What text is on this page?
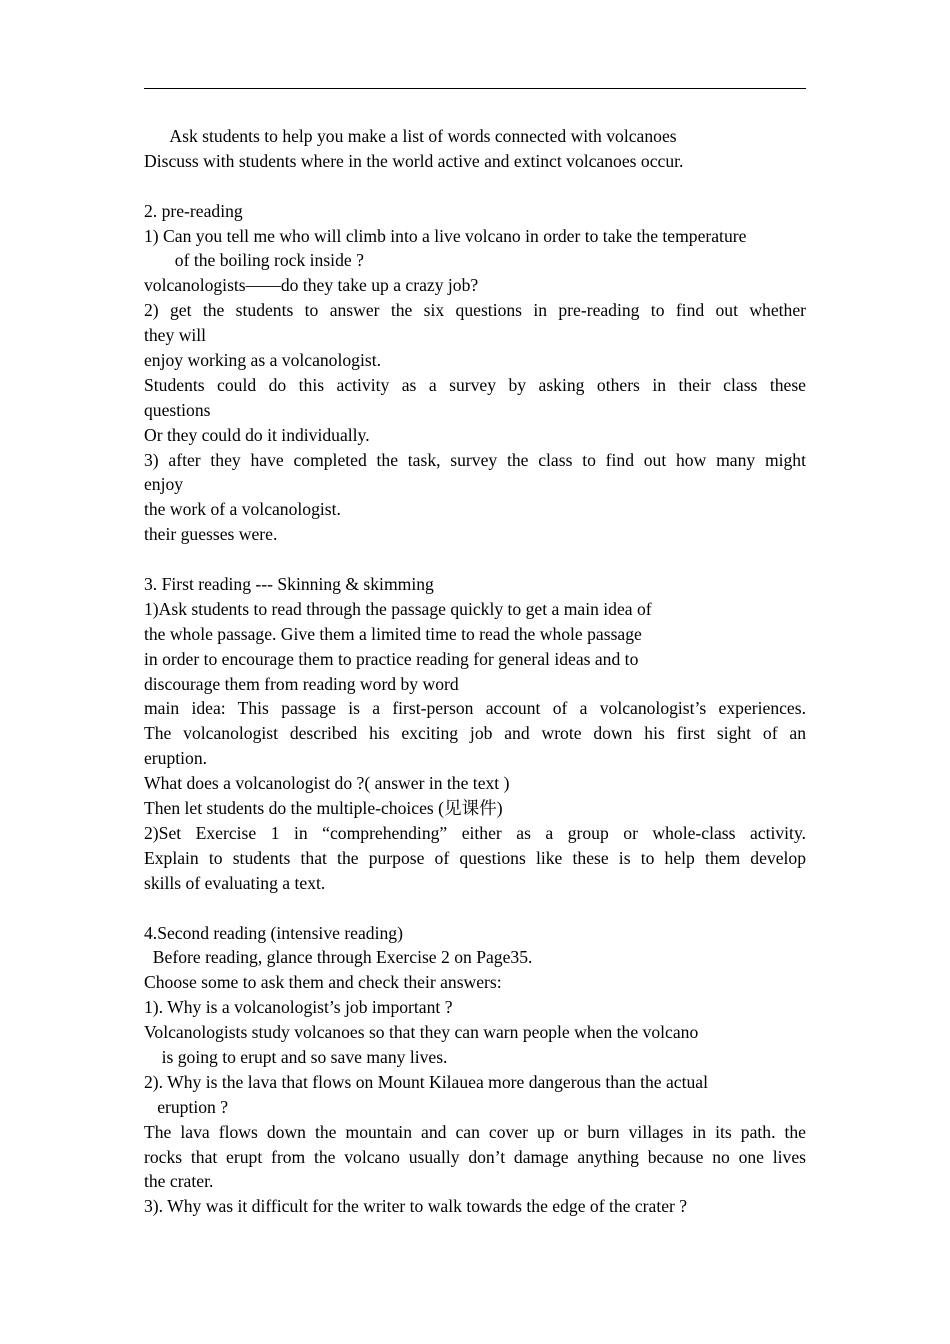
Ask students to help you make a list of words connected with volcanoes
Discuss with students where in the world active and extinct volcanoes occur.
2. pre-reading
1) Can you tell me who will climb into a live volcano in order to take the temperature
of the boiling rock inside ?
volcanologists——do they take up a crazy job?
2) get the students to answer the six questions in pre-reading to find out whether
they will
enjoy working as a volcanologist.
Students could do this activity as a survey by asking others in their class these
questions
Or they could do it individually.
3) after they have completed the task, survey the class to find out how many might
enjoy
the work of a volcanologist.
their guesses were.
3. First reading --- Skinning & skimming
1)Ask students to read through the passage quickly to get a main idea of
the whole passage. Give them a limited time to read the whole passage
in order to encourage them to practice reading for general ideas and to
discourage them from reading word by word
main idea: This passage is a first-person account of a volcanologist’s experiences.
The volcanologist described his exciting job and wrote down his first sight of an
eruption.
What does a volcanologist do ?( answer in the text )
Then let students do the multiple-choices (见课件)
2)Set Exercise 1 in “comprehending” either as a group or whole-class activity.
Explain to students that the purpose of questions like these is to help them develop
skills of evaluating a text.
4.Second reading (intensive reading)
Before reading, glance through Exercise 2 on Page35.
Choose some to ask them and check their answers:
1). Why is a volcanologist’s job important ?
Volcanologists study volcanoes so that they can warn people when the volcano
is going to erupt and so save many lives.
2). Why is the lava that flows on Mount Kilauea more dangerous than the actual
eruption ?
The lava flows down the mountain and can cover up or burn villages in its path. the
rocks that erupt from the volcano usually don’t damage anything because no one lives
the crater.
3). Why was it difficult for the writer to walk towards the edge of the crater ?
